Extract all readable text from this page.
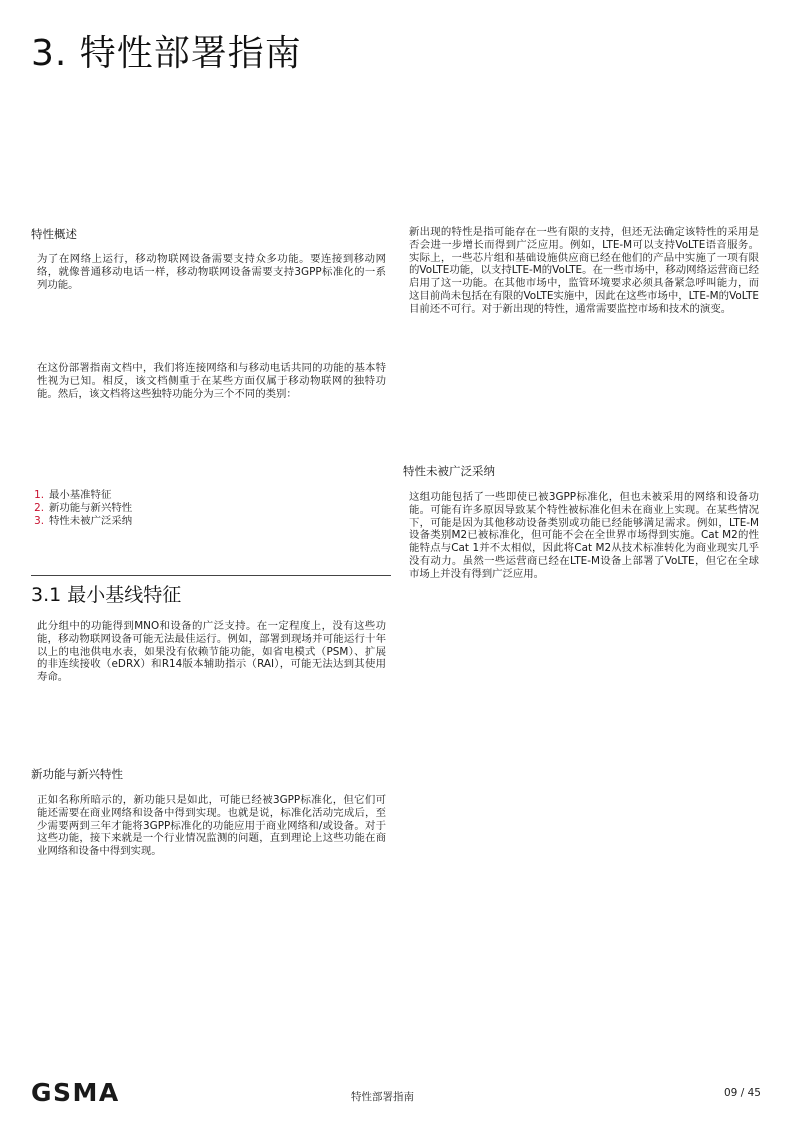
3. 特性部署指南
特性概述

为了在网络上运行，移动物联网设备需要支持众多功能。要连接到移动网络，就像普通移动电话一样，移动物联网设备需要支持3GPP标准化的一系列功能。

在这份部署指南文档中，我们将连接网络和与移动电话共同的功能的基本特性视为已知。相反，该文档侧重于在某些方面仅属于移动物联网的独特功能。然后，该文档将这些独特功能分为三个不同的类别：

1. 最小基准特征
2. 新功能与新兴特性
3. 特性未被广泛采纳
3.1 最小基线特征

此分组中的功能得到MNO和设备的广泛支持。在一定程度上，没有这些功能，移动物联网设备可能无法最佳运行。例如，部署到现场并可能运行十年以上的电池供电水表，如果没有依赖节能功能，如省电模式（PSM）、扩展的非连续接收（eDRX）和R14版本辅助指示（RAI），可能无法达到其使用寿命。

新功能与新兴特性

正如名称所暗示的，新功能只是如此，可能已经被3GPP标准化，但它们可能还需要在商业网络和设备中得到实现。也就是说，标准化活动完成后，至少需要两到三年才能将3GPP标准化的功能应用于商业网络和/或设备。对于这些功能，接下来就是一个行业情况监测的问题，直到理论上这些功能在商业网络和设备中得到实现。

新出现的特性是指可能存在一些有限的支持，但还无法确定该特性的采用是否会进一步增长而得到广泛应用。例如，LTE-M可以支持VoLTE语音服务。实际上，一些芯片组和基础设施供应商已经在他们的产品中实施了一项有限的VoLTE功能，以支持LTE-M的VoLTE。在一些市场中，移动网络运营商已经启用了这一功能。在其他市场中，监管环境要求必须具备紧急呼叫能力，而这目前尚未包括在有限的VoLTE实施中，因此在这些市场中，LTE-M的VoLTE目前还不可行。对于新出现的特性，通常需要监控市场和技术的演变。

特性未被广泛采纳

这组功能包括了一些即使已被3GPP标准化，但也未被采用的网络和设备功能。可能有许多原因导致某个特性被标准化但未在商业上实现。在某些情况下，可能是因为其他移动设备类别或功能已经能够满足需求。例如，LTE-M设备类别M2已被标准化，但可能不会在全世界市场得到实施。Cat M2的性能特点与Cat 1并不太相似，因此将Cat M2从技术标准转化为商业现实几乎没有动力。虽然一些运营商已经在LTE-M设备上部署了VoLTE，但它在全球市场上并没有得到广泛应用。

GSMA	特性部署指南	09 / 45
